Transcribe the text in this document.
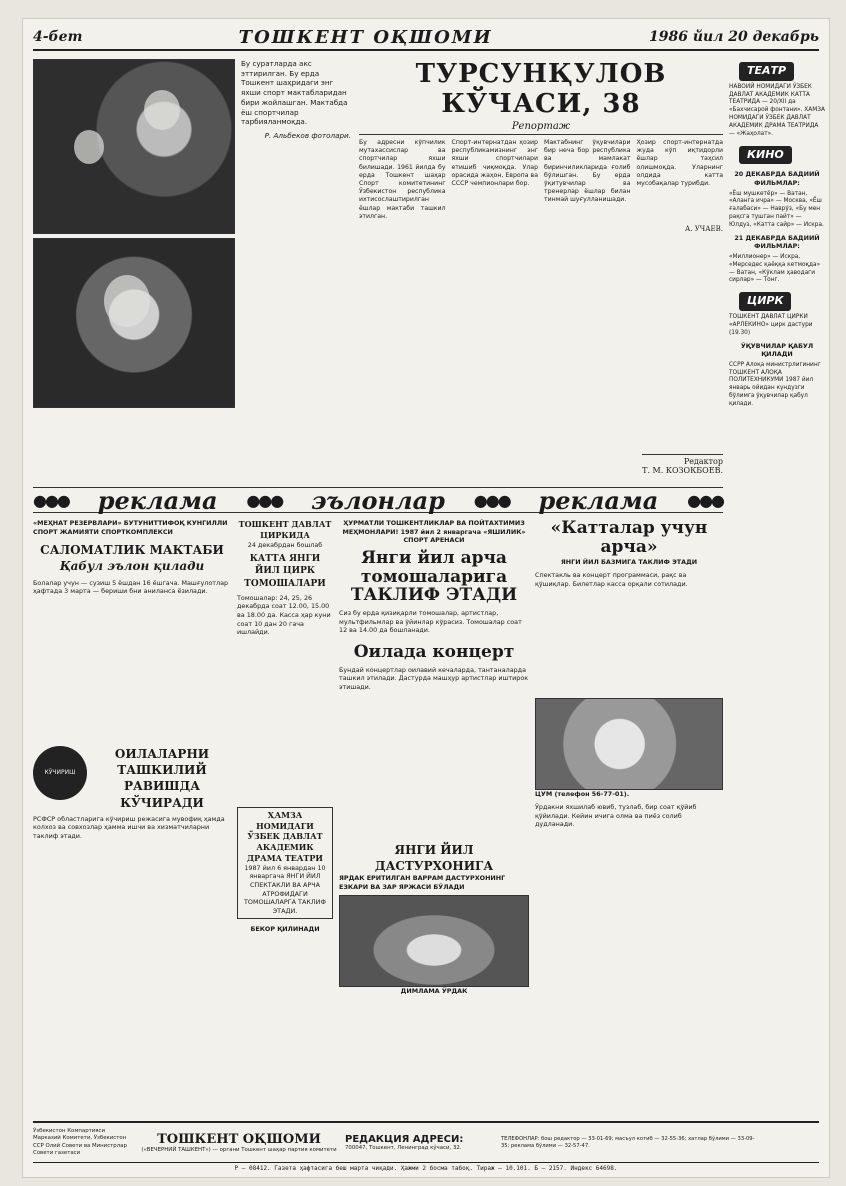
4-бет	ТОШКЕНТ ОҚШОМИ	1986 йил 20 декабрь

Бу суратларда акс эттирилган. Бу ерда Тошкент шаҳридаги энг яхши спорт мактабларидан бири жойлашган. Мактабда ёш спортчилар тарбияланмоқда.

Р. Альбеков фотолари.

ТУРСУНҚУЛОВ КЎЧАСИ, 38
Репортаж

Бу адресни кўпчилик мутахассислар ва спортчилар яхши билишади. 1961 йилда бу ерда Тошкент шаҳар Спорт комитетининг Ўзбекистон республика ихтисослаштирилган ёшлар мактаби ташкил этилган.

Спорт-интернатдан ҳозир республикамизнинг энг яхши спортчилари етишиб чиқмоқда. Улар орасида жаҳон, Европа ва СССР чемпионлари бор.

Мактабнинг ўқувчилари бир неча бор республика ва мамлакат биринчиликларида ғолиб бўлишган. Бу ерда ўқитувчилар ва тренерлар ёшлар билан тинмай шуғулланишади.

Ҳозир спорт-интернатда жуда кўп иқтидорли ёшлар таҳсил олишмоқда. Уларнинг олдида катта мусобақалар турибди.

А. УЧАЕВ.
Редактор
Т. М. КОЗОКБОЕВ.
●●● реклама ●●● эълонлар ●●● реклама ●●●

«МЕҲНАТ РЕЗЕРВЛАРИ» БУТУНИТТИФОҚ КУНГИЛЛИ СПОРТ ЖАМИЯТИ СПОРТКОМПЛЕКСИ

САЛОМАТЛИК МАКТАБИ
Қабул эълон қилади

Болалар учун — сузиш 5 ёшдан 16 ёшгача. Машғулотлар ҳафтада 3 марта — бериши бни аниланса ёзилади.

КЎЧИРИШ
ОИЛАЛАРНИ ТАШКИЛИЙ РАВИШДА КЎЧИРАДИ

РСФСР областларига кўчириш режасига мувофиқ ҳамда колхоз ва совхозлар ҳамма ишчи ва хизматчиларни таклиф этади.

ТОШКЕНТ ДАВЛАТ ЦИРКИДА

24 декабрдан бошлаб

КАТТА ЯНГИ ЙИЛ ЦИРК ТОМОШАЛАРИ

Томошалар: 24, 25, 26 декабрда соат 12.00, 15.00 ва 18.00 да. Касса ҳар куни соат 10 дан 20 гача ишлайди.

ҲАМЗА НОМИДАГИ ЎЗБЕК ДАВЛАТ АКАДЕМИК ДРАМА ТЕАТРИ

1987 йил 6 январдан 10 январгача ЯНГИ ЙИЛ СПЕКТАКЛИ ВА АРЧА АТРОФИДАГИ ТОМОШАЛАРГА ТАКЛИФ ЭТАДИ.

БЕКОР ҚИЛИНАДИ

ҲУРМАТЛИ ТОШКЕНТЛИКЛАР ВА ПОЙТАХТИМИЗ МЕҲМОНЛАРИ! 1987 йил 2 январгача «ЯШИЛИК» СПОРТ АРЕНАСИ

Янги йил арча томошаларига ТАКЛИФ ЭТАДИ

Сиз бу ерда қизиқарли томошалар, артистлар, мультфильмлар ва ўйинлар кўрасиз. Томошалар соат 12 ва 14.00 да бошланади.

Оилада концерт

Бундай концертлар оилавий кечаларда, тантаналарда ташкил этилади. Дастурда машҳур артистлар иштирок этишади.

ЯНГИ ЙИЛ ДАСТУРХОНИГА

ЯРДАК ЕРИТИЛГАН ВАРРАМ ДАСТУРХОНИНГ ЕЗКАРИ ВА ЗАР ЯРЖАСИ БЎЛАДИ

ДИМЛАМА ЎРДАК

«Катталар учун арча»

ЯНГИ ЙИЛ БАЗМИГА ТАКЛИФ ЭТАДИ

Спектакль ва концерт программаси, рақс ва қўшиқлар. Билетлар касса орқали сотилади.

ЦУМ (телефон 56-77-01).

Ўрдакни яхшилаб ювиб, тузлаб, бир соат қўйиб қўйилади. Кейин ичига олма ва пиёз солиб дудланади.

ТЕАТР

НАВОИЙ НОМИДАГИ ЎЗБЕК ДАВЛАТ АКАДЕМИК КАТТА ТЕАТРИДА — 20/XII да «Бахчисарой фонтани». ХАМЗА НОМИДАГИ ЎЗБЕК ДАВЛАТ АКАДЕМИК ДРАМА ТЕАТРИДА — «Жаҳолат».

КИНО
20 ДЕКАБРДА БАДИИЙ ФИЛЬМЛАР:

«Ёш мушкетёр» — Ватан, «Аланга ичра» — Москва, «Ёш ғалабаси» — Наврўз, «Бу мен рақсга тушган пайт» — Юлдуз, «Катта сайр» — Искра.

21 ДЕКАБРДА БАДИИЙ ФИЛЬМЛАР:

«Миллионер» — Искра, «Мерседес қаёққа кетмоқда» — Ватан, «Кўклам ҳаводаги сирлар» — Тонг.

ЦИРК

ТОШКЕНТ ДАВЛАТ ЦИРКИ «АРЛЕКИНО» цирк дастури (19.30)

ЎҚУВЧИЛАР ҚАБУЛ ҚИЛАДИ

ССРР Алоқа министрлигининг ТОШКЕНТ АЛОҚА ПОЛИТЕХНИКУМИ 1987 йил январь ойидан кундузги бўлимга ўқувчилар қабул қилади.

Ўзбекистон Компартияси Марказий Комитети, Ўзбекистон ССР Олий Совети ва Министрлар Совети газетаси
ТОШКЕНТ ОҚШОМИ
(«ВЕЧЕРНИЙ ТАШКЕНТ») — органи Тошкент шаҳар партия комитети
РЕДАКЦИЯ АДРЕСИ:
700047, Тошкент, Ленинград кўчаси, 32.
ТЕЛЕФОНЛАР: бош редактор — 33-01-69; масъул котиб — 32-55-36; хатлар бўлими — 33-09-35; реклама бўлими — 32-57-47.
Р — 08412. Газета ҳафтасига беш марта чиқади. Ҳажми 2 босма табоқ. Тираж — 10.101. Б — 2157. Индекс 64698.
